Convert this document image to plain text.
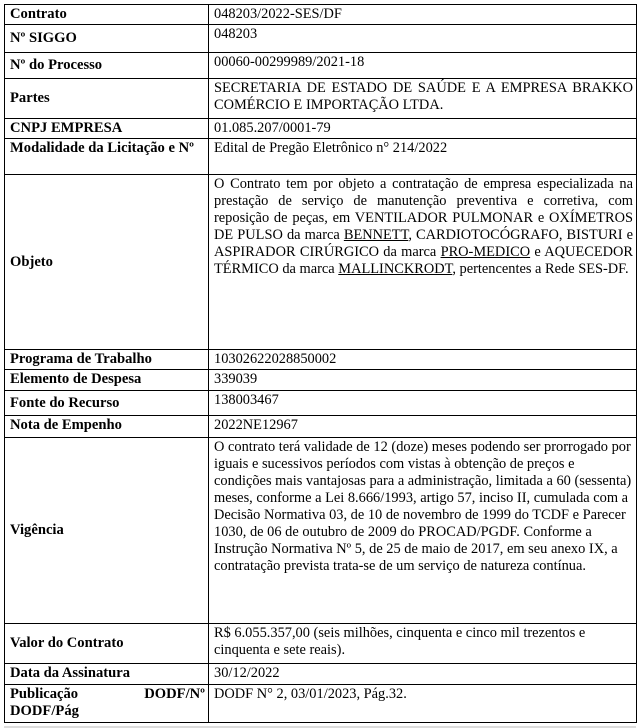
Contrato	048203/2022-SES/DF
Nº SIGGO	048203
Nº do Processo	00060-00299989/2021-18
Partes	SECRETARIA DE ESTADO DE SAÚDE E A EMPRESA BRAKKO COMÉRCIO E IMPORTAÇÃO LTDA.
CNPJ EMPRESA	01.085.207/0001-79
Modalidade da Licitação e Nº	Edital de Pregão Eletrônico n° 214/2022
Objeto	O Contrato tem por objeto a contratação de empresa especializada na prestação de serviço de manutenção preventiva e corretiva, com reposição de peças, em VENTILADOR PULMONAR e OXÍMETROS DE PULSO da marca BENNETT, CARDIOTOCÓGRAFO, BISTURI e ASPIRADOR CIRÚRGICO da marca PRO-MEDICO e AQUECEDOR TÉRMICO da marca MALLINCKRODT, pertencentes a Rede SES-DF.
Programa de Trabalho	10302622028850002
Elemento de Despesa	339039
Fonte do Recurso	138003467
Nota de Empenho	2022NE12967
Vigência	O contrato terá validade de 12 (doze) meses podendo ser prorrogado por iguais e sucessivos períodos com vistas à obtenção de preços e condições mais vantajosas para a administração, limitada a 60 (sessenta) meses, conforme a Lei 8.666/1993, artigo 57, inciso II, cumulada com a Decisão Normativa 03, de 10 de novembro de 1999 do TCDF e Parecer 1030, de 06 de outubro de 2009 do PROCAD/PGDF. Conforme a Instrução Normativa Nº 5, de 25 de maio de 2017, em seu anexo IX, a contratação prevista trata-se de um serviço de natureza contínua.
Valor do Contrato	R$ 6.055.357,00 (seis milhões, cinquenta e cinco mil trezentos e cinquenta e sete reais).
Data da Assinatura	30/12/2022

Publicação DODF/Nº
DODF/Pág	DODF N° 2, 03/01/2023, Pág.32.
